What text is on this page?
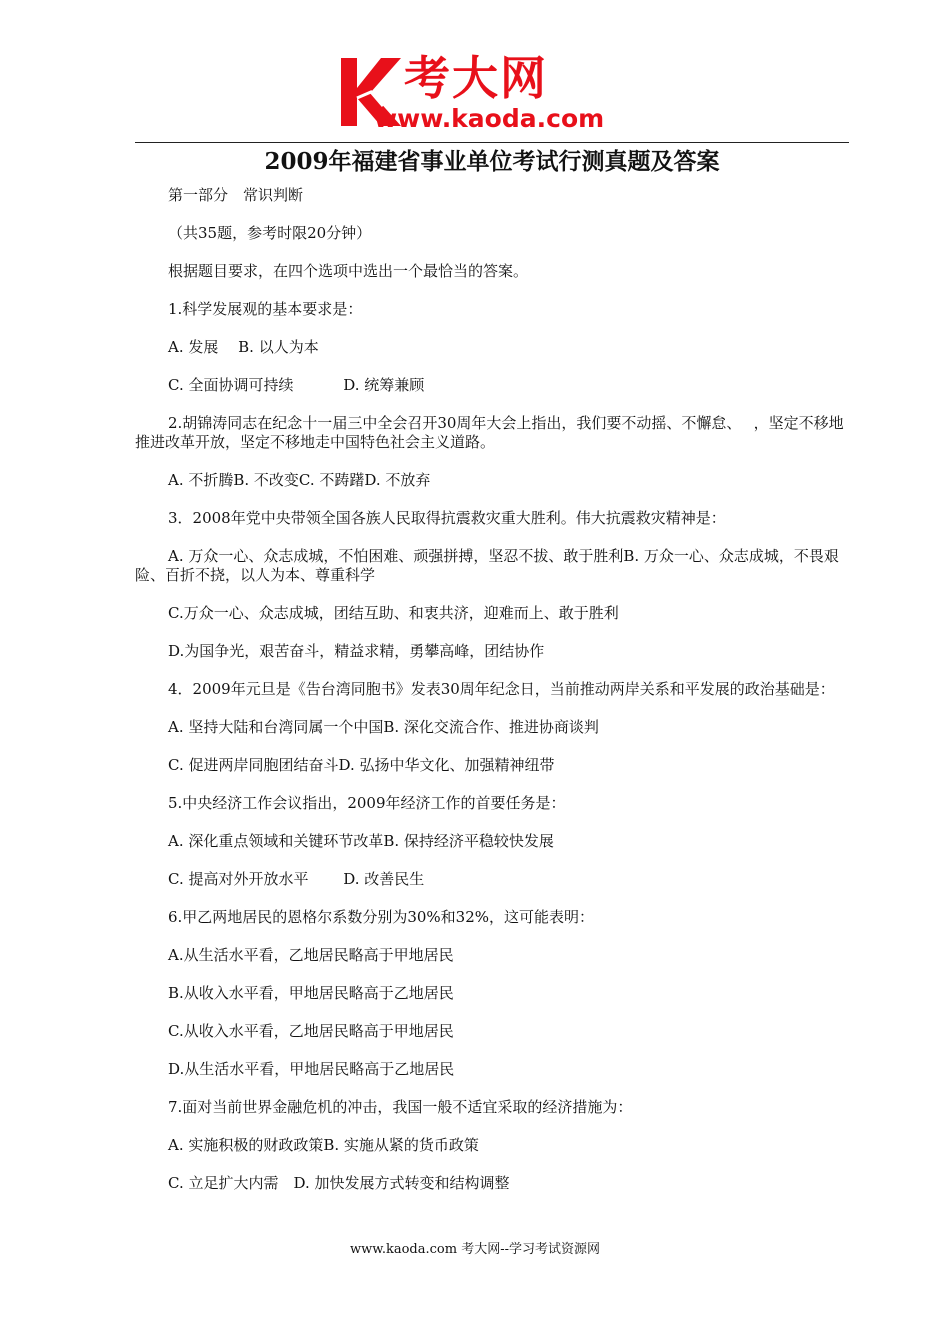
考大网
www.kaoda.com
2009年福建省事业单位考试行测真题及答案

第一部分　常识判断

（共35题，参考时限20分钟）

根据题目要求，在四个选项中选出一个最恰当的答案。

1.科学发展观的基本要求是：

A. 发展　 B. 以人为本

C. 全面协调可持续　　　 D. 统筹兼顾

2.胡锦涛同志在纪念十一届三中全会召开30周年大会上指出，我们要不动摇、不懈怠、　 ，坚定不移地推进改革开放，坚定不移地走中国特色社会主义道路。

A. 不折腾B. 不改变C. 不踌躇D. 不放弃

3．2008年党中央带领全国各族人民取得抗震救灾重大胜利。伟大抗震救灾精神是：

A. 万众一心、众志成城，不怕困难、顽强拼搏，坚忍不拔、敢于胜利B. 万众一心、众志成城，不畏艰险、百折不挠，以人为本、尊重科学

C.万众一心、众志成城，团结互助、和衷共济，迎难而上、敢于胜利

D.为国争光，艰苦奋斗，精益求精，勇攀高峰，团结协作

4．2009年元旦是《告台湾同胞书》发表30周年纪念日，当前推动两岸关系和平发展的政治基础是：

A. 坚持大陆和台湾同属一个中国B. 深化交流合作、推进协商谈判

C. 促进两岸同胞团结奋斗D. 弘扬中华文化、加强精神纽带

5.中央经济工作会议指出，2009年经济工作的首要任务是：

A. 深化重点领域和关键环节改革B. 保持经济平稳较快发展

C. 提高对外开放水平　　 D. 改善民生

6.甲乙两地居民的恩格尔系数分别为30%和32%，这可能表明：

A.从生活水平看，乙地居民略高于甲地居民

B.从收入水平看，甲地居民略高于乙地居民

C.从收入水平看，乙地居民略高于甲地居民

D.从生活水平看，甲地居民略高于乙地居民

7.面对当前世界金融危机的冲击，我国一般不适宜采取的经济措施为：

A. 实施积极的财政政策B. 实施从紧的货币政策

C. 立足扩大内需　D. 加快发展方式转变和结构调整

www.kaoda.com 考大网--学习考试资源网
